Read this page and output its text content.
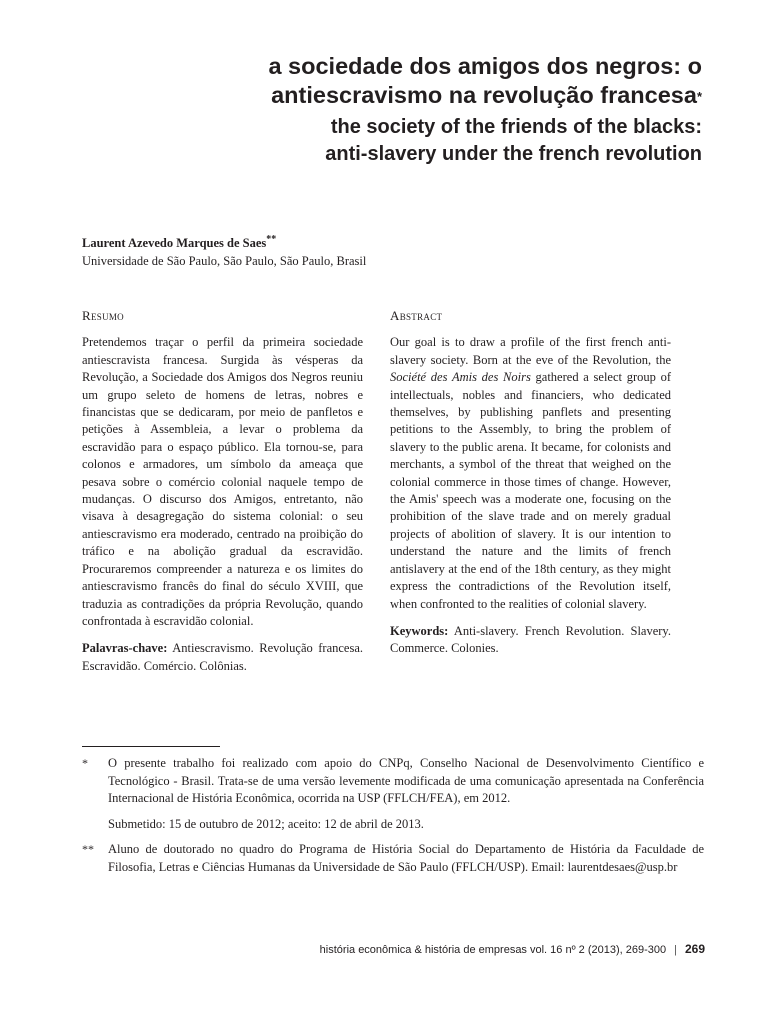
a sociedade dos amigos dos negros: o

antiescravismo na revolução francesa*

the society of the friends of the blacks:

anti-slavery under the french revolution

Laurent Azevedo Marques de Saes**
Universidade de São Paulo, São Paulo, São Paulo, Brasil

Resumo

Pretendemos traçar o perfil da primeira sociedade antiescravista francesa. Surgida às vésperas da Revolução, a Sociedade dos Amigos dos Negros reuniu um grupo seleto de homens de letras, nobres e financistas que se dedicaram, por meio de panfletos e petições à Assembleia, a levar o problema da escravidão para o espaço público. Ela tornou-se, para colonos e armadores, um símbolo da ameaça que pesava sobre o comércio colonial naquele tempo de mudanças. O discurso dos Amigos, entretanto, não visava à desagregação do sistema colonial: o seu antiescravismo era moderado, centrado na proibição do tráfico e na abolição gradual da escravidão. Procuraremos compreender a natureza e os limites do antiescravismo francês do final do século XVIII, que traduzia as contradições da própria Revolução, quando confrontada à escravidão colonial.

Palavras-chave: Antiescravismo. Revolução francesa. Escravidão. Comércio. Colônias.

Abstract

Our goal is to draw a profile of the first french anti-slavery society. Born at the eve of the Revolution, the Société des Amis des Noirs gathered a select group of intellectuals, nobles and financiers, who dedicated themselves, by publishing panflets and presenting petitions to the Assembly, to bring the problem of slavery to the public arena. It became, for colonists and merchants, a symbol of the threat that weighed on the colonial commerce in those times of change. However, the Amis' speech was a moderate one, focusing on the prohibition of the slave trade and on merely gradual projects of abolition of slavery. It is our intention to understand the nature and the limits of french antislavery at the end of the 18th century, as they might express the contradictions of the Revolution itself, when confronted to the realities of colonial slavery.

Keywords: Anti-slavery. French Revolution. Slavery. Commerce. Colonies.

* O presente trabalho foi realizado com apoio do CNPq, Conselho Nacional de Desenvolvimento Científico e Tecnológico - Brasil. Trata-se de uma versão levemente modificada de uma comunicação apresentada na Conferência Internacional de História Econômica, ocorrida na USP (FFLCH/FEA), em 2012.

Submetido: 15 de outubro de 2012; aceito: 12 de abril de 2013.

** Aluno de doutorado no quadro do Programa de História Social do Departamento de História da Faculdade de Filosofia, Letras e Ciências Humanas da Universidade de São Paulo (FFLCH/USP). Email: laurentdesaes@usp.br

história econômica & história de empresas vol. 16 nº 2 (2013), 269-300 | 269
